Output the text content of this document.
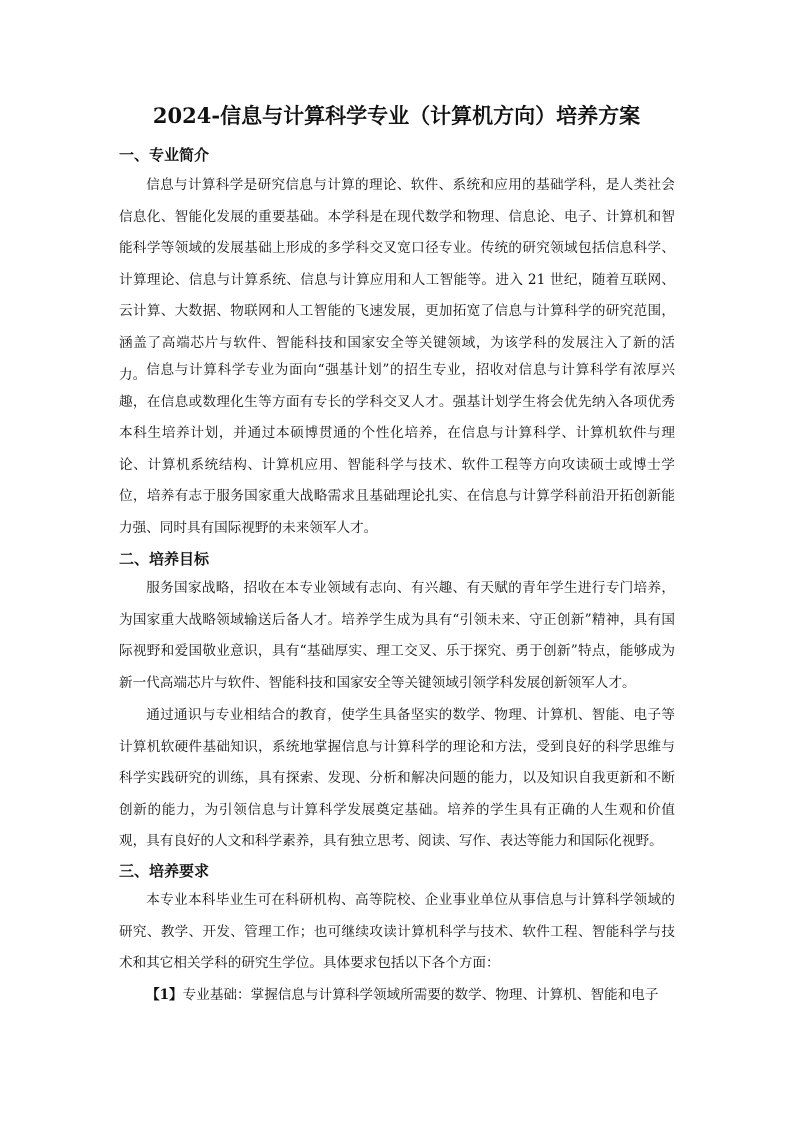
2024-信息与计算科学专业（计算机方向）培养方案
一、专业简介

信息与计算科学是研究信息与计算的理论、软件、系统和应用的基础学科，是人类社会信息化、智能化发展的重要基础。本学科是在现代数学和物理、信息论、电子、计算机和智能科学等领域的发展基础上形成的多学科交叉宽口径专业。传统的研究领域包括信息科学、计算理论、信息与计算系统、信息与计算应用和人工智能等。进入 21 世纪，随着互联网、云计算、大数据、物联网和人工智能的飞速发展，更加拓宽了信息与计算科学的研究范围，涵盖了高端芯片与软件、智能科技和国家安全等关键领域，为该学科的发展注入了新的活力。 信息与计算科学专业为面向“强基计划”的招生专业，招收对信息与计算科学有浓厚兴趣，在信息或数理化生等方面有专长的学科交叉人才。强基计划学生将会优先纳入各项优秀本科生培养计划，并通过本硕博贯通的个性化培养，在信息与计算科学、计算机软件与理论、计算机系统结构、计算机应用、智能科学与技术、软件工程等方向攻读硕士或博士学位，培养有志于服务国家重大战略需求且基础理论扎实、在信息与计算学科前沿开拓创新能力强、同时具有国际视野的未来领军人才。

二、培养目标

服务国家战略，招收在本专业领域有志向、有兴趣、有天赋的青年学生进行专门培养，为国家重大战略领域输送后备人才。培养学生成为具有“引领未来、守正创新”精神，具有国际视野和爱国敬业意识，具有“基础厚实、理工交叉、乐于探究、勇于创新”特点，能够成为新一代高端芯片与软件、智能科技和国家安全等关键领域引领学科发展创新领军人才。

通过通识与专业相结合的教育，使学生具备坚实的数学、物理、计算机、智能、电子等计算机软硬件基础知识，系统地掌握信息与计算科学的理论和方法，受到良好的科学思维与科学实践研究的训练，具有探索、发现、分析和解决问题的能力，以及知识自我更新和不断创新的能力，为引领信息与计算科学发展奠定基础。培养的学生具有正确的人生观和价值观，具有良好的人文和科学素养，具有独立思考、阅读、写作、表达等能力和国际化视野。

三、培养要求

本专业本科毕业生可在科研机构、高等院校、企业事业单位从事信息与计算科学领域的研究、教学、开发、管理工作；也可继续攻读计算机科学与技术、软件工程、智能科学与技术和其它相关学科的研究生学位。具体要求包括以下各个方面：

【1】专业基础：掌握信息与计算科学领域所需要的数学、物理、计算机、智能和电子
